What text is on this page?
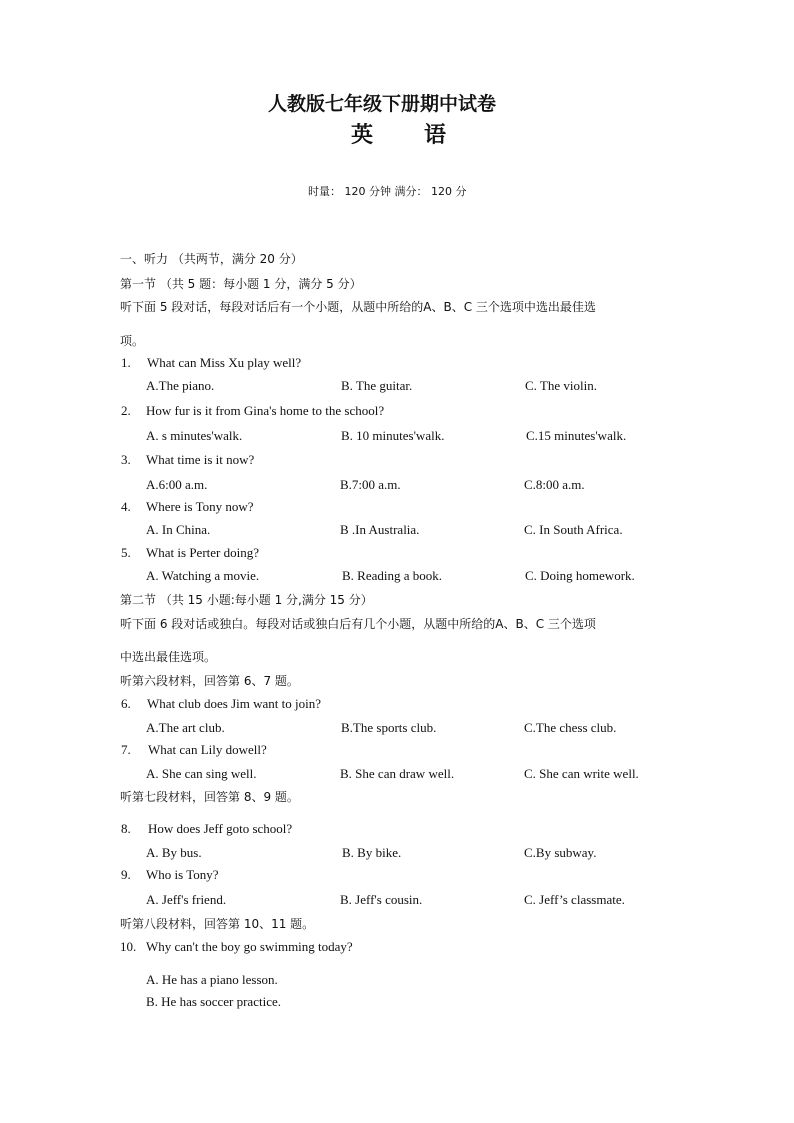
人教版七年级下册期中试卷
英 语
时量： 120 分钟 满分： 120 分
一、听力 （共两节，满分 20 分）
第一节 （共 5 题：每小题 1 分，满分 5 分）
听下面 5 段对话，每段对话后有一个小题，从题中所给的A、B、C 三个选项中选出最佳选
项。
1. What can Miss Xu play well?
A.The piano.	B. The guitar.	C. The violin.
2. How fur is it from Gina's home to the school?
A. s minutes'walk.	B. 10 minutes'walk.	C.15 minutes'walk.
3. What time is it now?
A.6:00 a.m.	B.7:00 a.m.	C.8:00 a.m.
4. Where is Tony now?
A. In China.	B .In Australia.	C. In South Africa.
5. What is Perter doing?
A. Watching a movie.	B. Reading a book.	C. Doing homework.
第二节 （共 15 小题:每小题 1 分,满分 15 分）
听下面 6 段对话或独白。每段对话或独白后有几个小题，从题中所给的A、B、C 三个选项
中选出最佳选项。
听第六段材料，回答第 6、7 题。
6. What club does Jim want to join?
A.The art club.	B.The sports club.	C.The chess club.
7. What can Lily dowell?
A. She can sing well.	B. She can draw well.	C. She can write well.
听第七段材料，回答第 8、9 题。
8. How does Jeff goto school?
A. By bus.	B. By bike.	C.By subway.
9. Who is Tony?
A. Jeff's friend.	B. Jeff's cousin.	C. Jeff’s classmate.
听第八段材料，回答第 10、11 题。
10. Why can't the boy go swimming today?
A. He has a piano lesson.
B. He has soccer practice.
